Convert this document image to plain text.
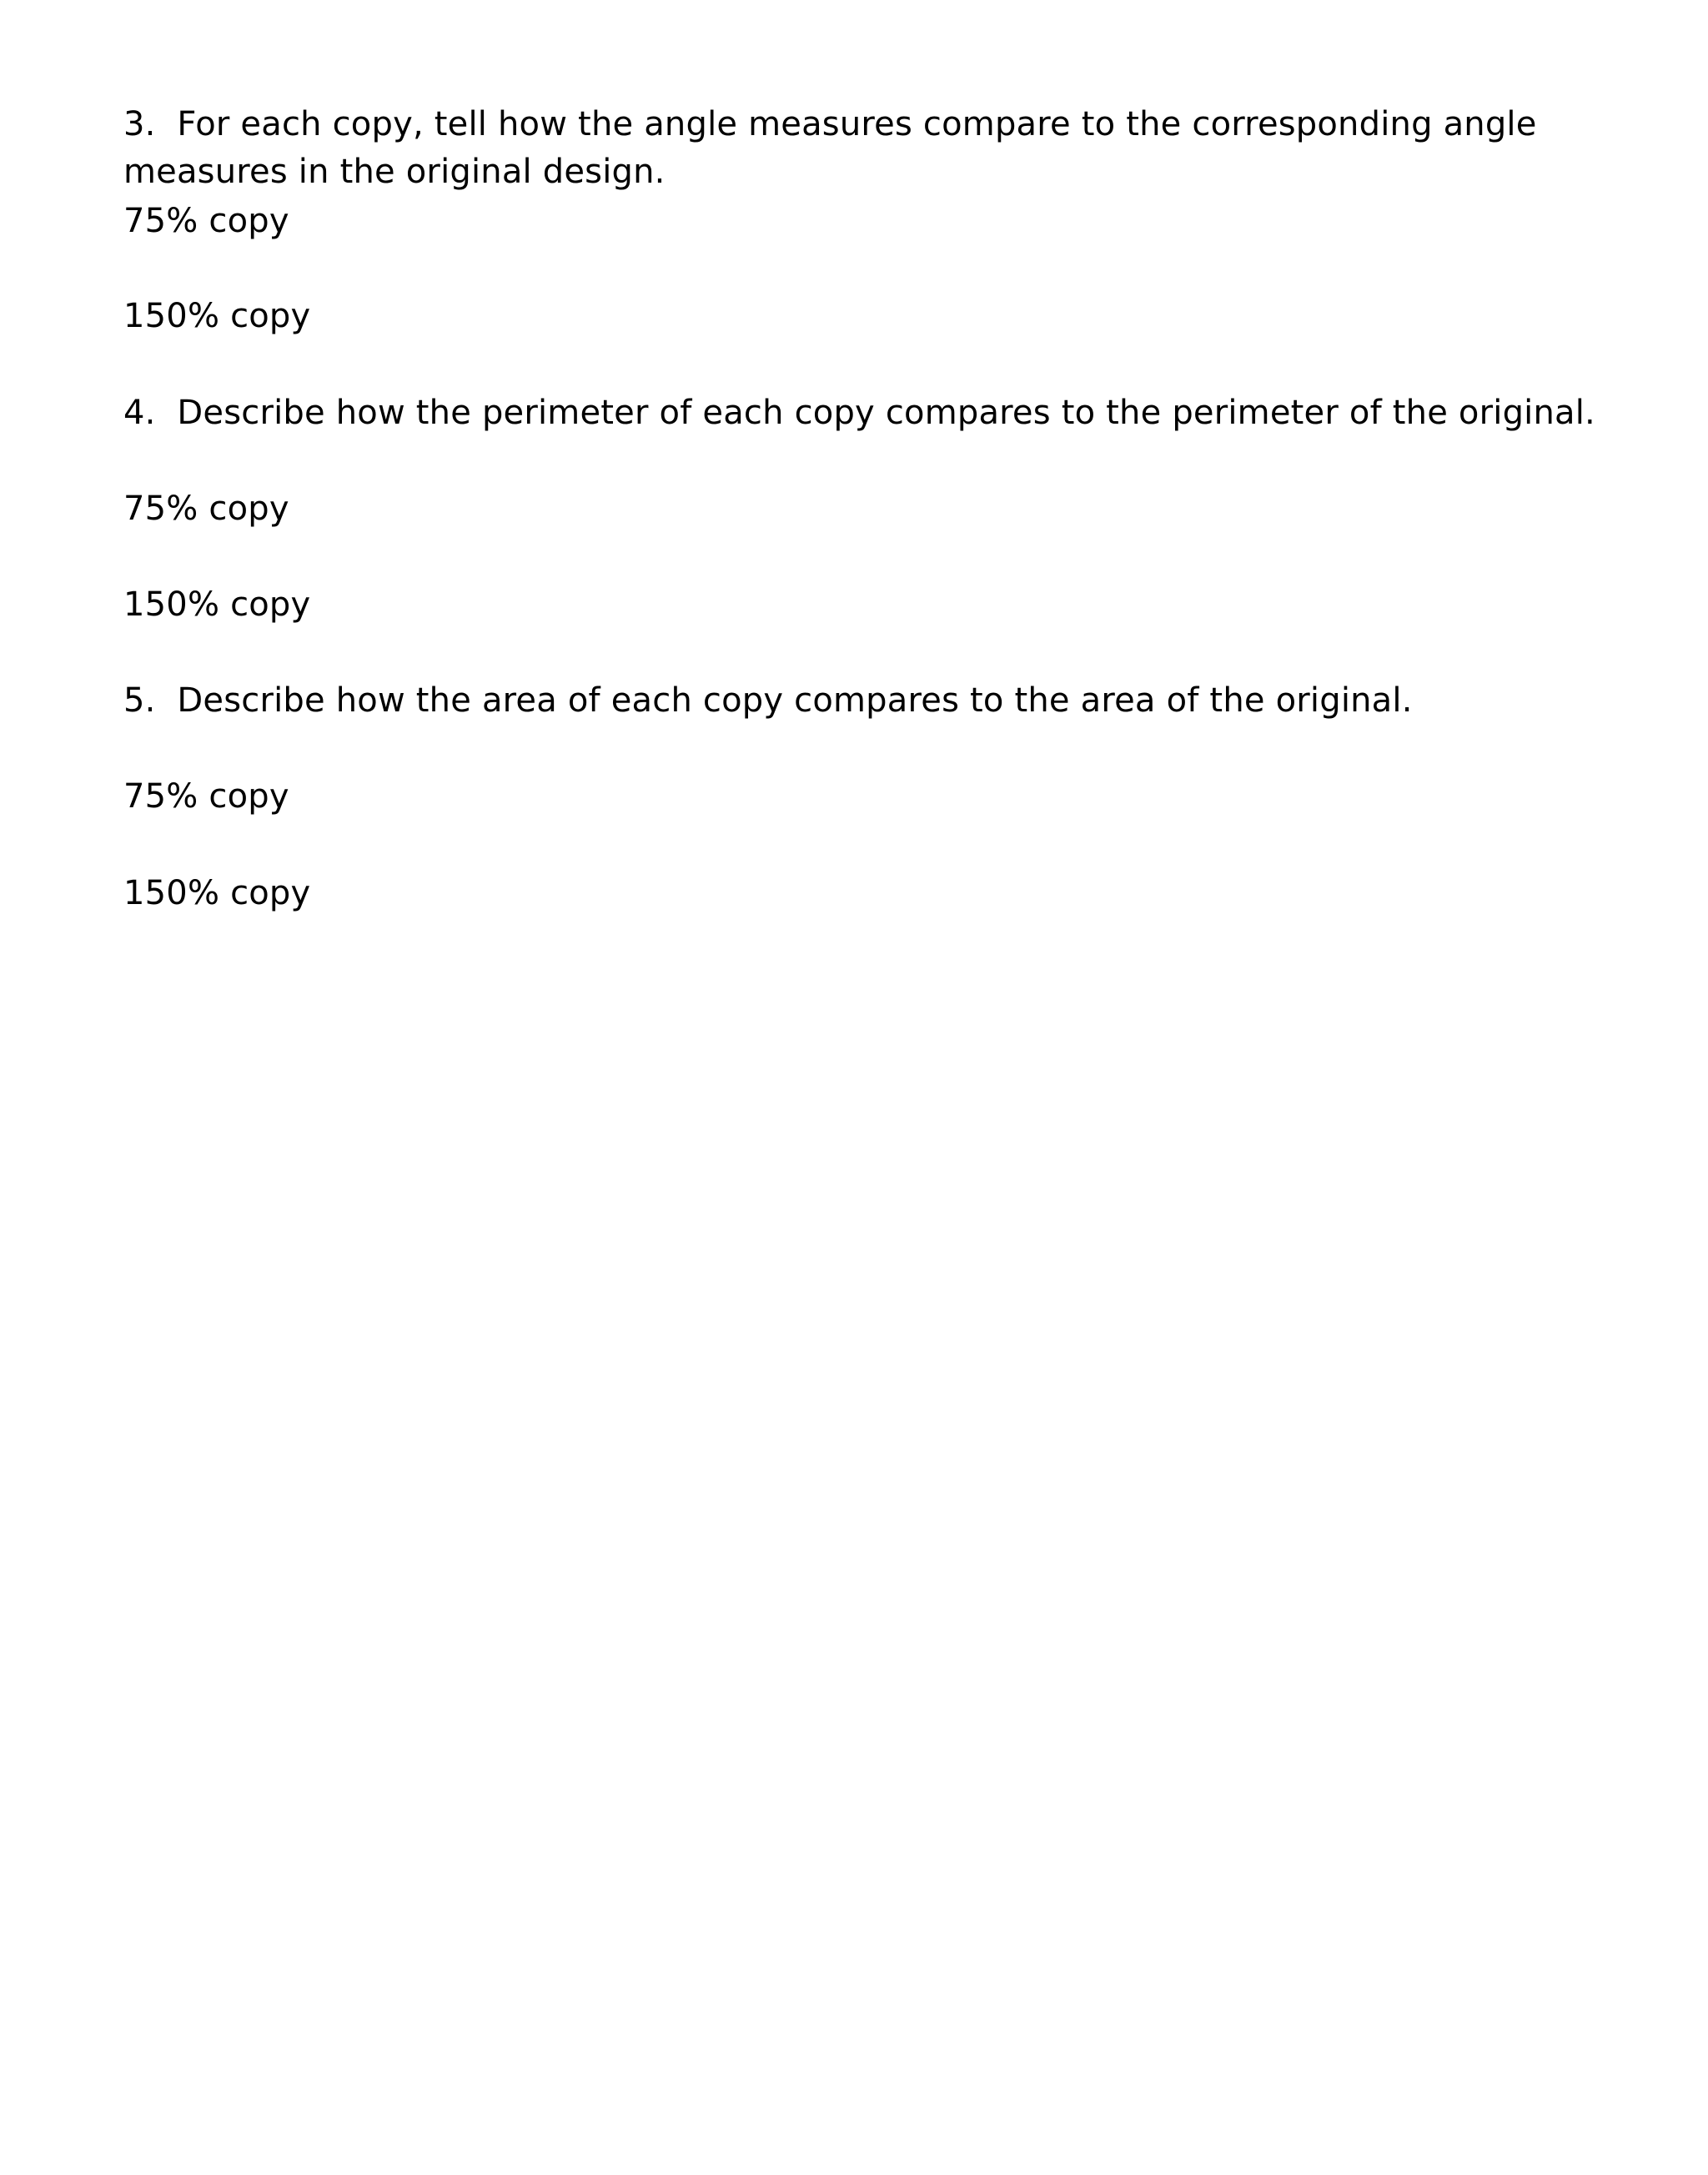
3. For each copy, tell how the angle measures compare to the corresponding angle
measures in the original design.
75% copy
150% copy
4. Describe how the perimeter of each copy compares to the perimeter of the original.
75% copy
150% copy
5. Describe how the area of each copy compares to the area of the original.
75% copy
150% copy
